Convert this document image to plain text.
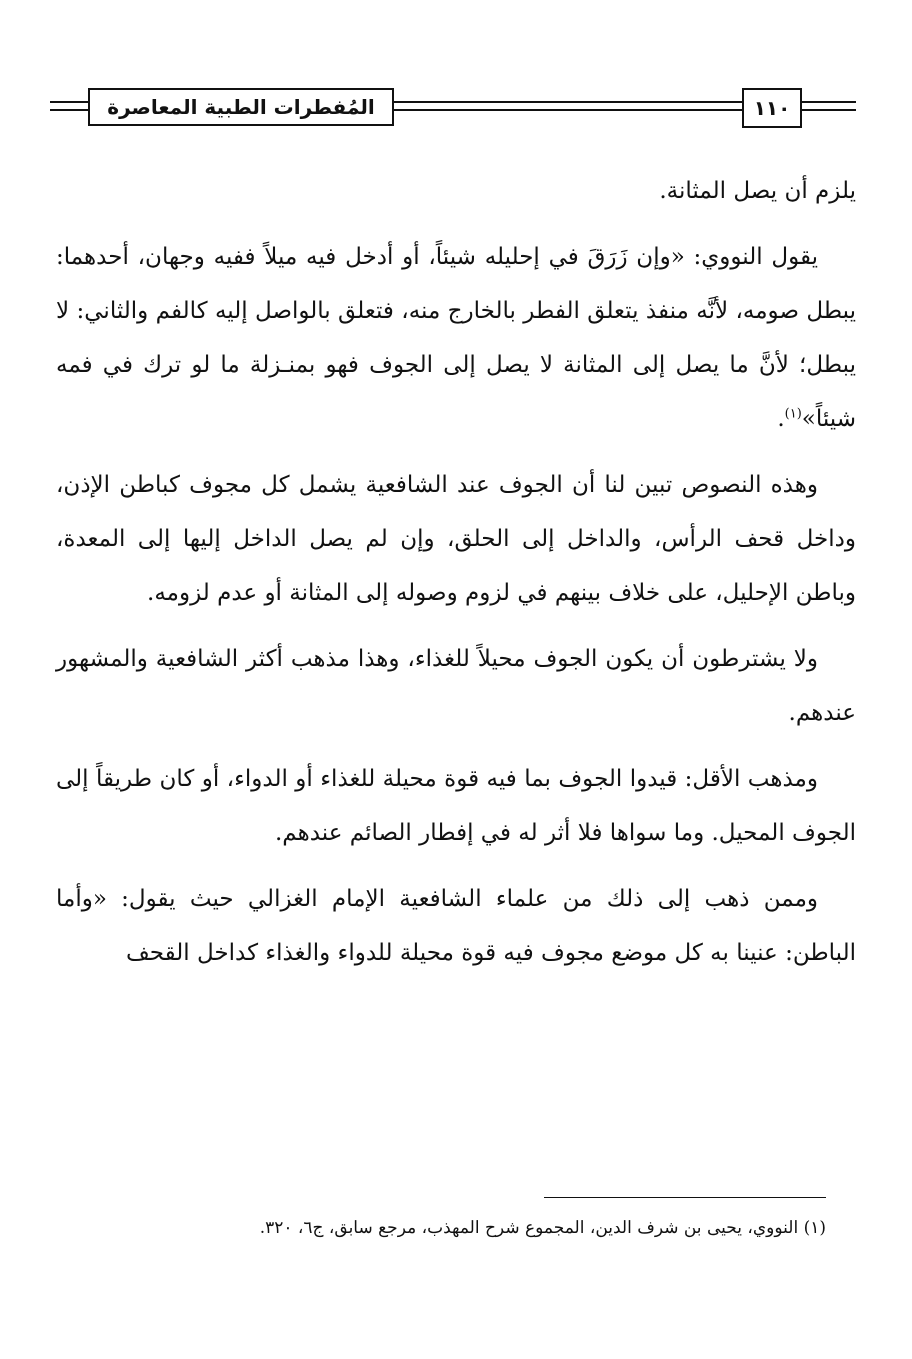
المُفطرات الطبية المعاصرة	١١٠

يلزم أن يصل المثانة.

يقول النووي: «وإن زَرَقَ في إحليله شيئاً، أو أدخل فيه ميلاً ففيه وجهان، أحدهما: يبطل صومه، لأنَّه منفذ يتعلق الفطر بالخارج منه، فتعلق بالواصل إليه كالفم والثاني: لا يبطل؛ لأنَّ ما يصل إلى المثانة لا يصل إلى الجوف فهو بمنـزلة ما لو ترك في فمه شيئاً»$^{(١)}$.

وهذه النصوص تبين لنا أن الجوف عند الشافعية يشمل كل مجوف كباطن الإذن، وداخل قحف الرأس، والداخل إلى الحلق، وإن لم يصل الداخل إليها إلى المعدة، وباطن الإحليل، على خلاف بينهم في لزوم وصوله إلى المثانة أو عدم لزومه.

ولا يشترطون أن يكون الجوف محيلاً للغذاء، وهذا مذهب أكثر الشافعية والمشهور عندهم.

ومذهب الأقل: قيدوا الجوف بما فيه قوة محيلة للغذاء أو الدواء، أو كان طريقاً إلى الجوف المحيل. وما سواها فلا أثر له في إفطار الصائم عندهم.

وممن ذهب إلى ذلك من علماء الشافعية الإمام الغزالي حيث يقول: «وأما الباطن: عنينا به كل موضع مجوف فيه قوة محيلة للدواء والغذاء كداخل القحف

(١) النووي، يحيى بن شرف الدين، المجموع شرح المهذب، مرجع سابق، ج٦، ٣٢٠.
